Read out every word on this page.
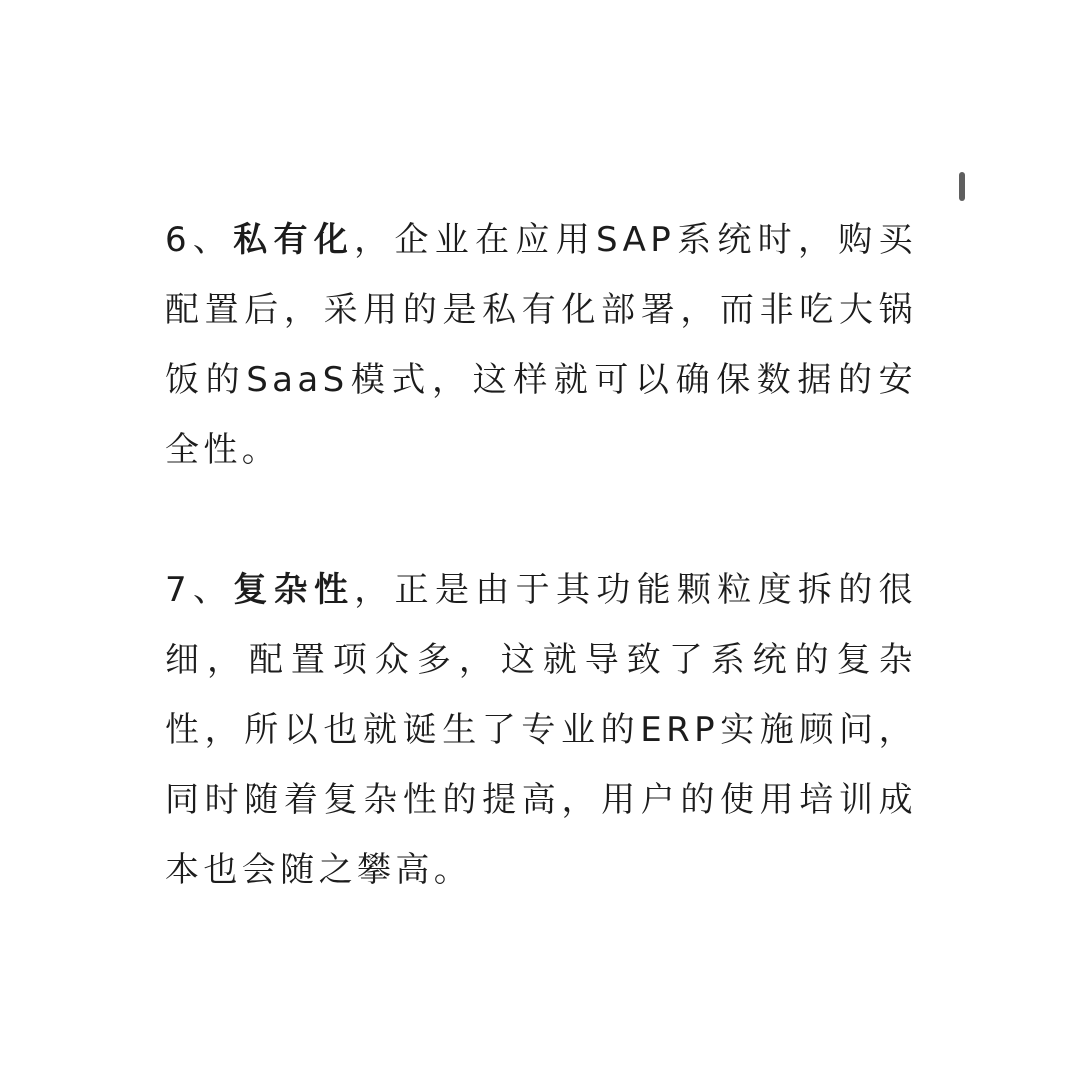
6、私有化，企业在应用SAP系统时，购买配置后，采用的是私有化部署，而非吃大锅饭的SaaS模式，这样就可以确保数据的安全性。

7、复杂性，正是由于其功能颗粒度拆的很细，配置项众多，这就导致了系统的复杂性，所以也就诞生了专业的ERP实施顾问，同时随着复杂性的提高，用户的使用培训成本也会随之攀高。
